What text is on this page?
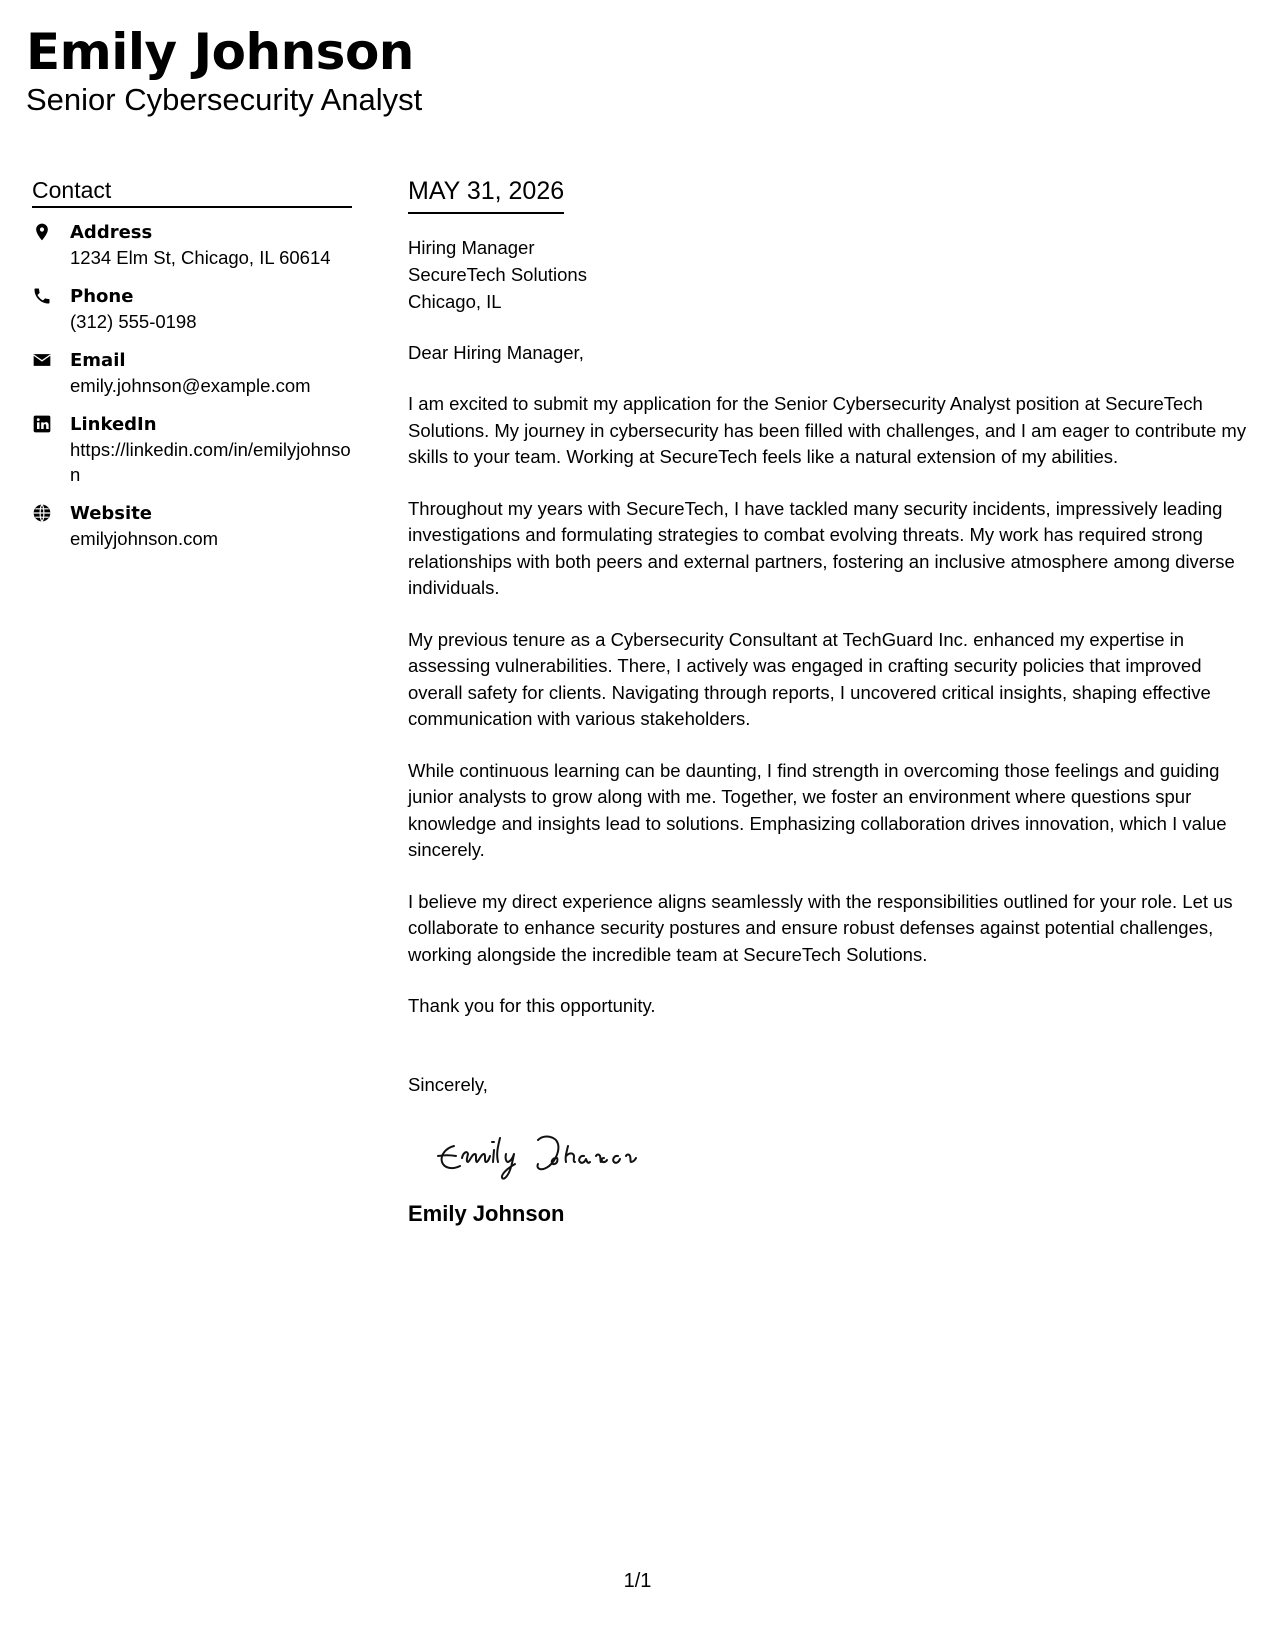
Emily Johnson
Senior Cybersecurity Analyst
Contact
Address
1234 Elm St, Chicago, IL 60614
Phone
(312) 555-0198
Email
emily.johnson@example.com
LinkedIn
https://linkedin.com/in/emilyjohnson
Website
emilyjohnson.com
MAY 31, 2026
Hiring Manager
SecureTech Solutions
Chicago, IL
Dear Hiring Manager,

I am excited to submit my application for the Senior Cybersecurity Analyst position at SecureTech Solutions. My journey in cybersecurity has been filled with challenges, and I am eager to contribute my skills to your team. Working at SecureTech feels like a natural extension of my abilities.

Throughout my years with SecureTech, I have tackled many security incidents, impressively leading investigations and formulating strategies to combat evolving threats. My work has required strong relationships with both peers and external partners, fostering an inclusive atmosphere among diverse individuals.

My previous tenure as a Cybersecurity Consultant at TechGuard Inc. enhanced my expertise in assessing vulnerabilities. There, I actively was engaged in crafting security policies that improved overall safety for clients. Navigating through reports, I uncovered critical insights, shaping effective communication with various stakeholders.

While continuous learning can be daunting, I find strength in overcoming those feelings and guiding junior analysts to grow along with me. Together, we foster an environment where questions spur knowledge and insights lead to solutions. Emphasizing collaboration drives innovation, which I value sincerely.

I believe my direct experience aligns seamlessly with the responsibilities outlined for your role. Let us collaborate to enhance security postures and ensure robust defenses against potential challenges, working alongside the incredible team at SecureTech Solutions.

Thank you for this opportunity.

Sincerely,
Emily Johnson
1/1
